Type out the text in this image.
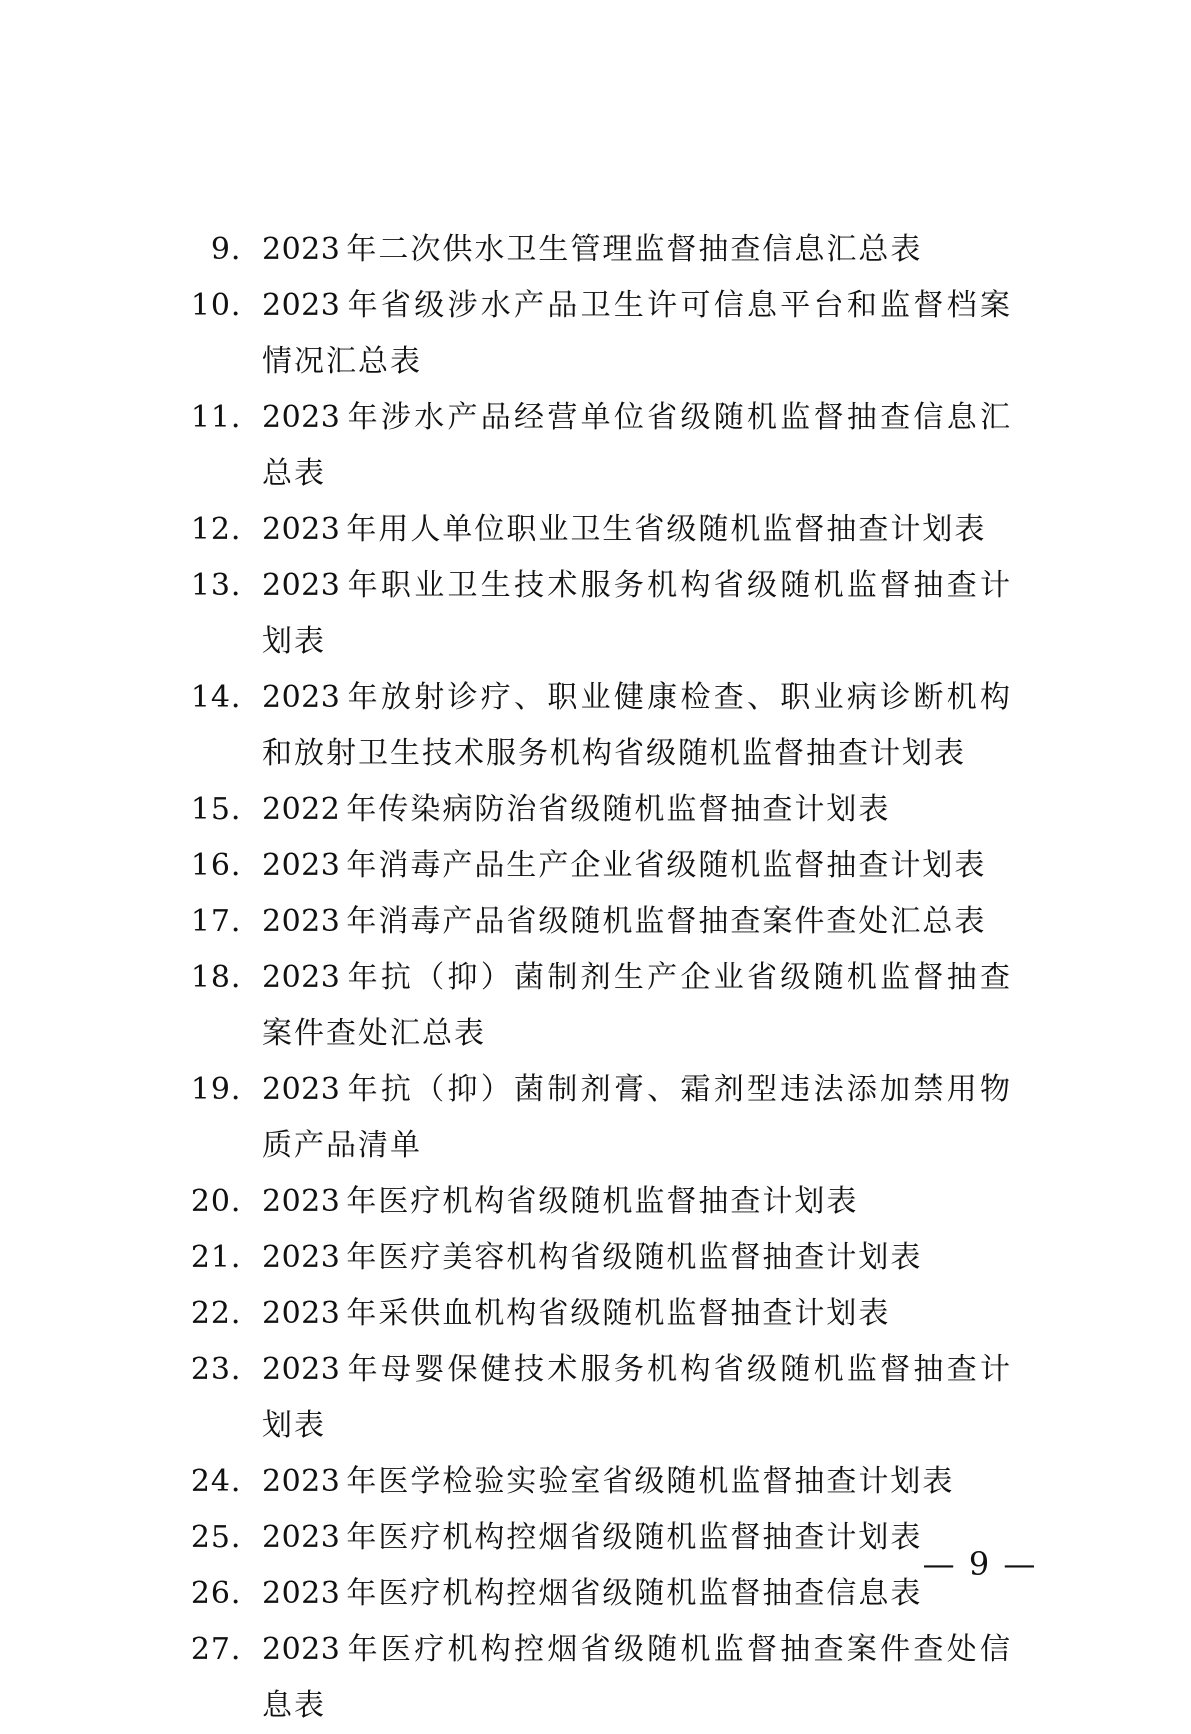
9． 2023 年二次供水卫生管理监督抽查信息汇总表
10． 2023 年省级涉水产品卫生许可信息平台和监督档案情况汇总表
11． 2023 年涉水产品经营单位省级随机监督抽查信息汇总表
12． 2023 年用人单位职业卫生省级随机监督抽查计划表
13． 2023 年职业卫生技术服务机构省级随机监督抽查计划表
14． 2023 年放射诊疗、职业健康检查、职业病诊断机构和放射卫生技术服务机构省级随机监督抽查计划表
15． 2022 年传染病防治省级随机监督抽查计划表
16． 2023 年消毒产品生产企业省级随机监督抽查计划表
17． 2023 年消毒产品省级随机监督抽查案件查处汇总表
18． 2023 年抗（抑）菌制剂生产企业省级随机监督抽查案件查处汇总表
19． 2023 年抗（抑）菌制剂膏、霜剂型违法添加禁用物质产品清单
20． 2023 年医疗机构省级随机监督抽查计划表
21． 2023 年医疗美容机构省级随机监督抽查计划表
22． 2023 年采供血机构省级随机监督抽查计划表
23． 2023 年母婴保健技术服务机构省级随机监督抽查计划表
24． 2023 年医学检验实验室省级随机监督抽查计划表
25． 2023 年医疗机构控烟省级随机监督抽查计划表
26． 2023 年医疗机构控烟省级随机监督抽查信息表
27． 2023 年医疗机构控烟省级随机监督抽查案件查处信息表
— 9 —
